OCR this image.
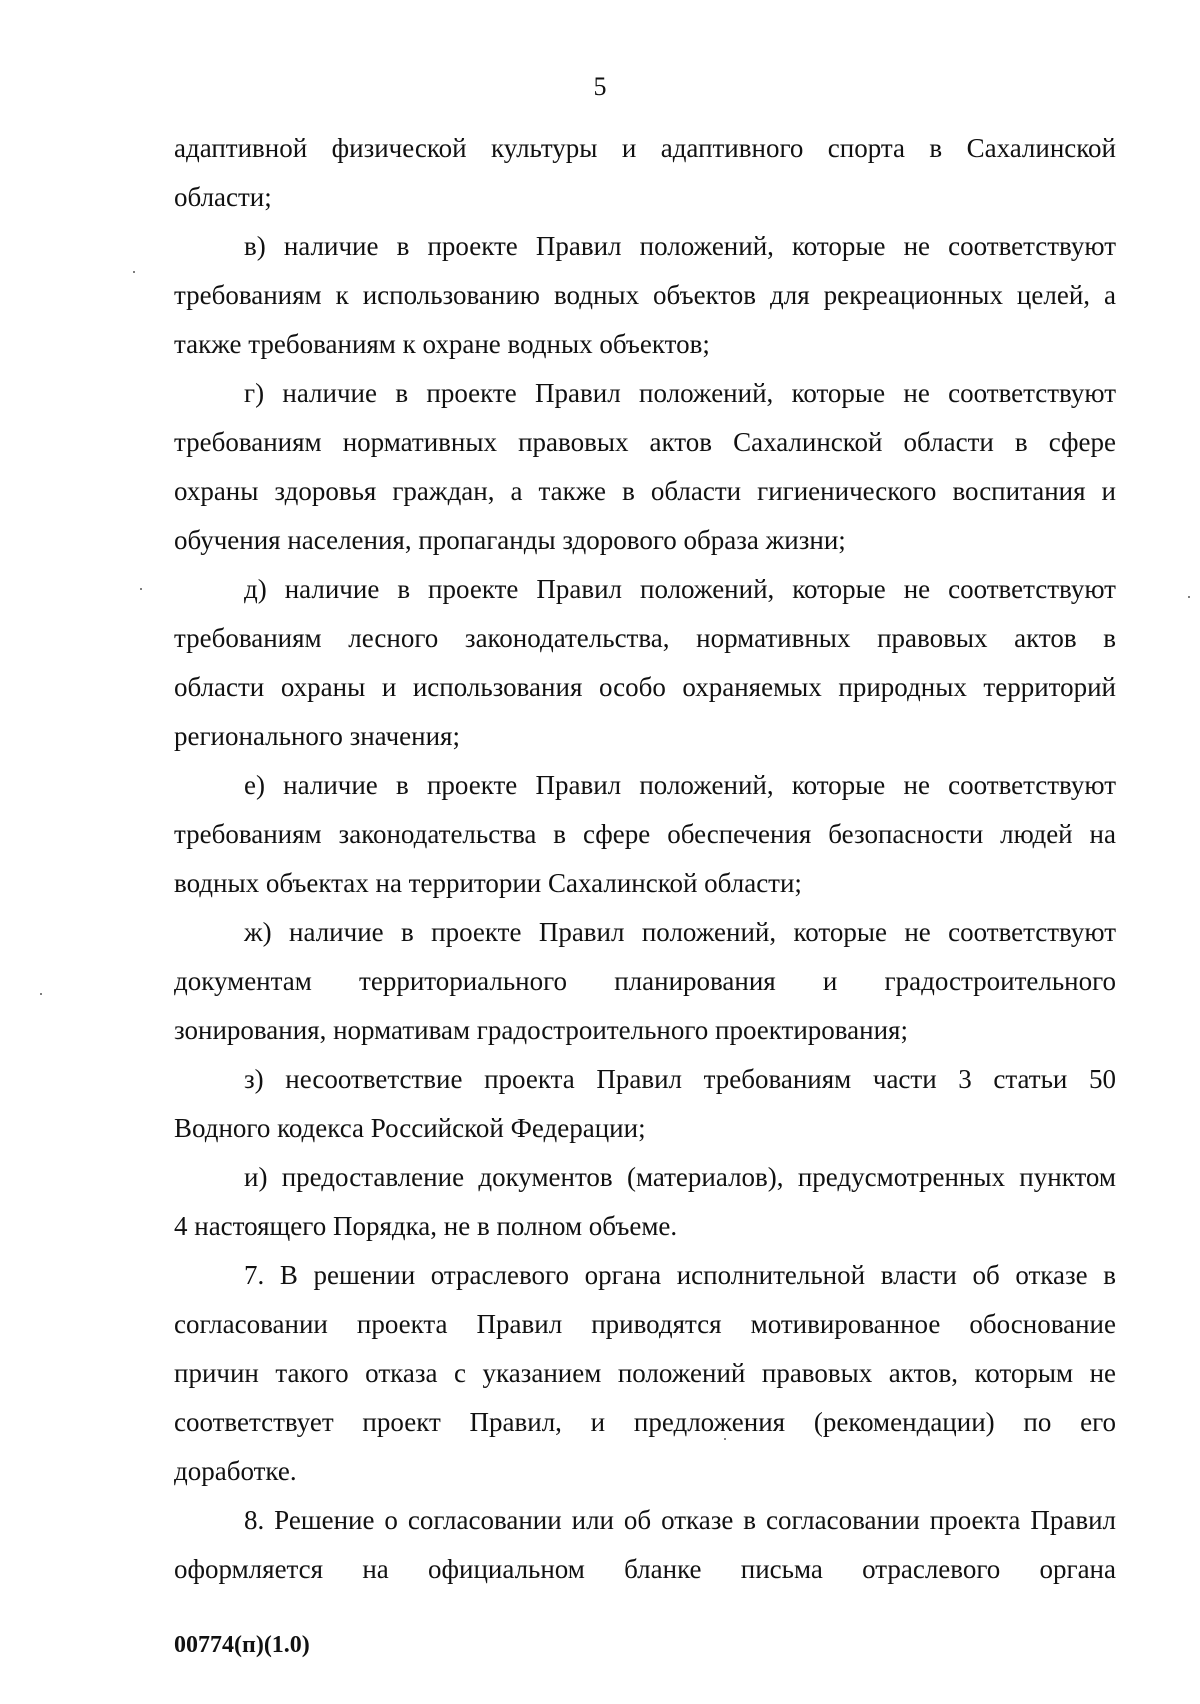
5
адаптивной физической культуры и адаптивного спорта в Сахалинской
области;
в) наличие в проекте Правил положений, которые не соответствуют
требованиям к использованию водных объектов для рекреационных целей, а
также требованиям к охране водных объектов;
г) наличие в проекте Правил положений, которые не соответствуют
требованиям нормативных правовых актов Сахалинской области в сфере
охраны здоровья граждан, а также в области гигиенического воспитания и
обучения населения, пропаганды здорового образа жизни;
д) наличие в проекте Правил положений, которые не соответствуют
требованиям лесного законодательства, нормативных правовых актов в
области охраны и использования особо охраняемых природных территорий
регионального значения;
е) наличие в проекте Правил положений, которые не соответствуют
требованиям законодательства в сфере обеспечения безопасности людей на
водных объектах на территории Сахалинской области;
ж) наличие в проекте Правил положений, которые не соответствуют
документам территориального планирования и градостроительного
зонирования, нормативам градостроительного проектирования;
з) несоответствие проекта Правил требованиям части 3 статьи 50
Водного кодекса Российской Федерации;
и) предоставление документов (материалов), предусмотренных пунктом
4 настоящего Порядка, не в полном объеме.
7. В решении отраслевого органа исполнительной власти об отказе в
согласовании проекта Правил приводятся мотивированное обоснование
причин такого отказа с указанием положений правовых актов, которым не
соответствует проект Правил, и предложения (рекомендации) по его
доработке.
8. Решение о согласовании или об отказе в согласовании проекта Правил
оформляется на официальном бланке письма отраслевого органа
00774(п)(1.0)
